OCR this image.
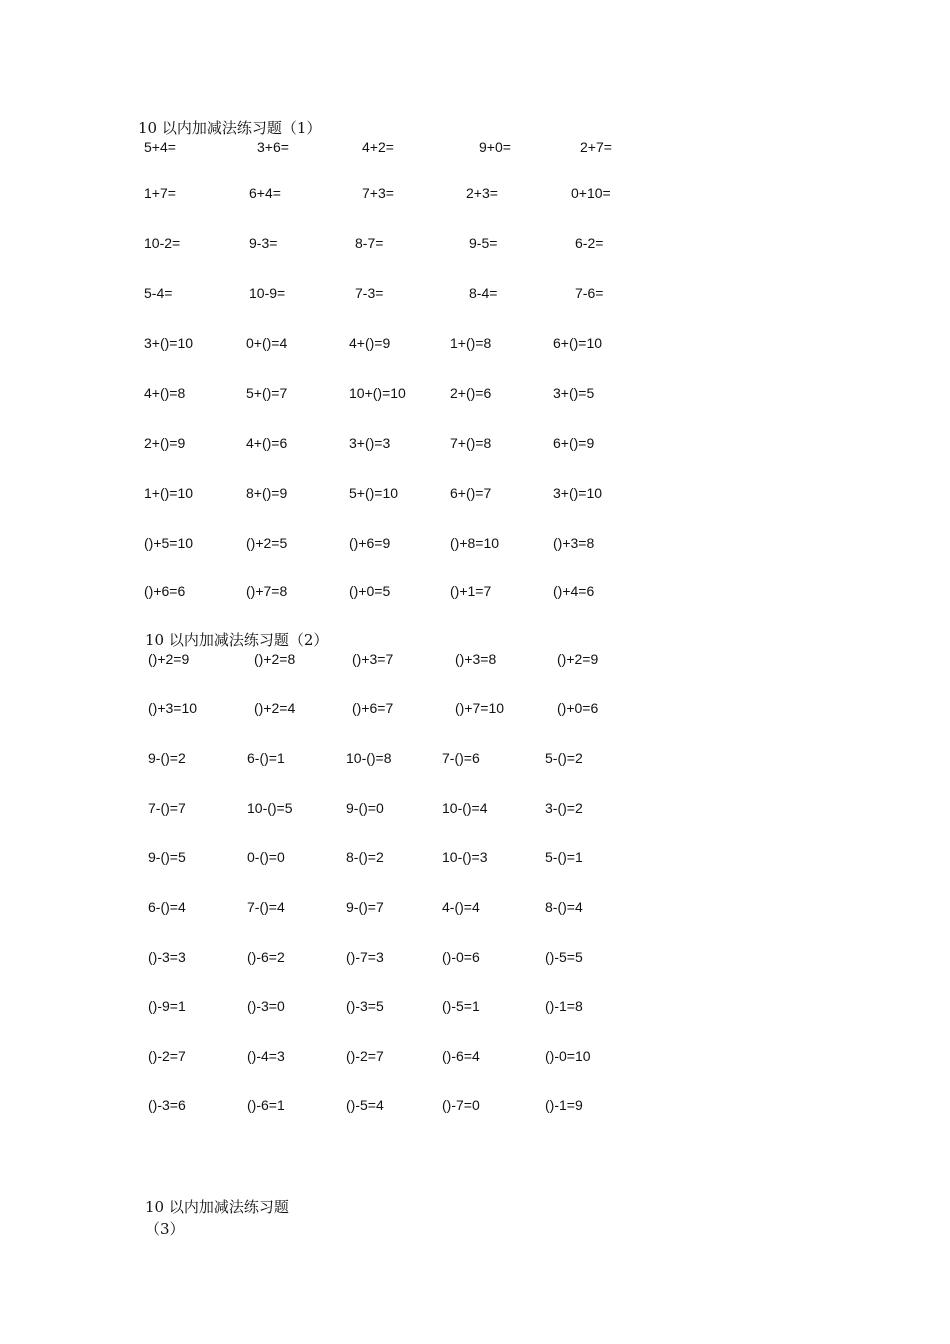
10 以内加减法练习题（1）
5+4=	3+6=	4+2=	9+0=	2+7=
1+7=	6+4=	7+3=	2+3=	0+10=
10-2=	9-3=	8-7=	9-5=	6-2=
5-4=	10-9=	7-3=	8-4=	7-6=
3+()=10	0+()=4	4+()=9	1+()=8	6+()=10
4+()=8	5+()=7	10+()=10	2+()=6	3+()=5
2+()=9	4+()=6	3+()=3	7+()=8	6+()=9
1+()=10	8+()=9	5+()=10	6+()=7	3+()=10
()+5=10	()+2=5	()+6=9	()+8=10	()+3=8
()+6=6	()+7=8	()+0=5	()+1=7	()+4=6
10 以内加减法练习题（2）
()+2=9	()+2=8	()+3=7	()+3=8	()+2=9
()+3=10	()+2=4	()+6=7	()+7=10	()+0=6
9-()=2	6-()=1	10-()=8	7-()=6	5-()=2
7-()=7	10-()=5	9-()=0	10-()=4	3-()=2
9-()=5	0-()=0	8-()=2	10-()=3	5-()=1
6-()=4	7-()=4	9-()=7	4-()=4	8-()=4
()-3=3	()-6=2	()-7=3	()-0=6	()-5=5
()-9=1	()-3=0	()-3=5	()-5=1	()-1=8
()-2=7	()-4=3	()-2=7	()-6=4	()-0=10
()-3=6	()-6=1	()-5=4	()-7=0	()-1=9
10 以内加减法练习题
（3）
